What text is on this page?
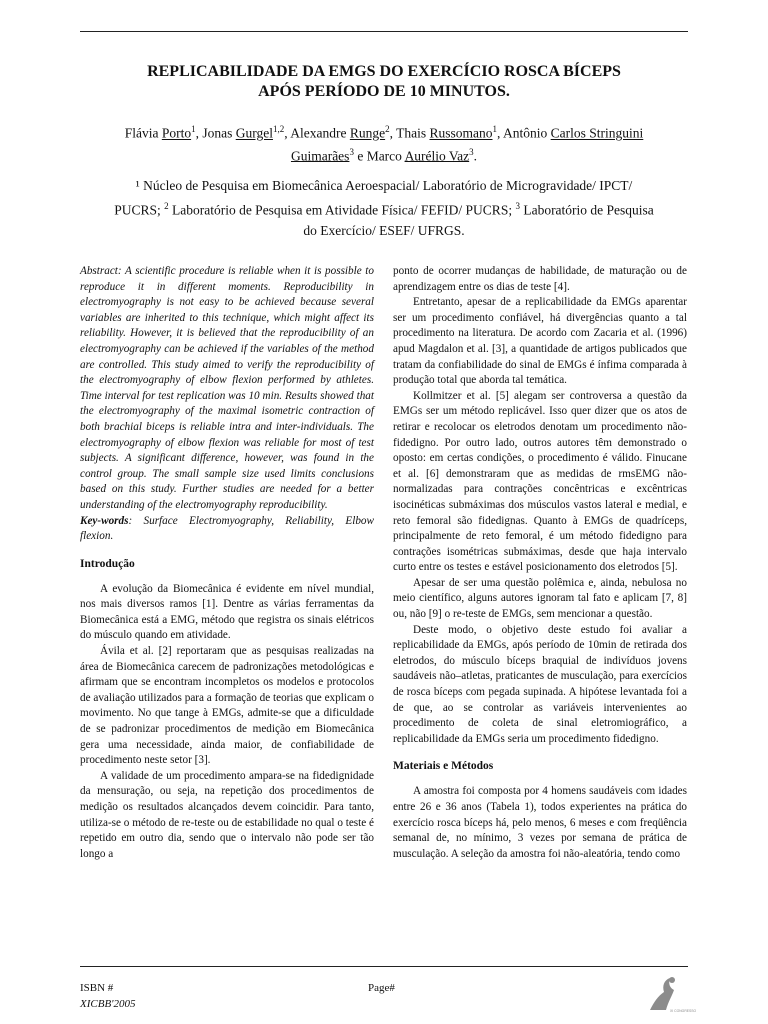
REPLICABILIDADE DA EMGS DO EXERCÍCIO ROSCA BÍCEPS
APÓS PERÍODO DE 10 MINUTOS.
Flávia Porto$^1$, Jonas Gurgel$^{1,2}$, Alexandre Runge$^2$, Thais Russomano$^1$, Antônio Carlos Stringuini
Guimarães$^3$ e Marco Aurélio Vaz$^3$.
¹ Núcleo de Pesquisa em Biomecânica Aeroespacial/ Laboratório de Microgravidade/ IPCT/
PUCRS; $^2$ Laboratório de Pesquisa em Atividade Física/ FEFID/ PUCRS; $^3$ Laboratório de Pesquisa
do Exercício/ ESEF/ UFRGS.

Abstract: A scientific procedure is reliable when it is possible to reproduce it in different moments. Reproducibility in electromyography is not easy to be achieved because several variables are inherited to this technique, which might affect its reliability. However, it is believed that the reproducibility of an electromyography can be achieved if the variables of the method are controlled. This study aimed to verify the reproducibility of the electromyography of elbow flexion performed by athletes. Time interval for test replication was 10 min. Results showed that the electromyography of the maximal isometric contraction of both brachial biceps is reliable intra and inter-individuals. The electromyography of elbow flexion was reliable for most of test subjects. A significant difference, however, was found in the control group. The small sample size used limits conclusions based on this study. Further studies are needed for a better understanding of the electromyography reproducibility.

Key-words: Surface Electromyography, Reliability, Elbow flexion.

Introdução

A evolução da Biomecânica é evidente em nível mundial, nos mais diversos ramos [1]. Dentre as várias ferramentas da Biomecânica está a EMG, método que registra os sinais elétricos do músculo quando em atividade.

Ávila et al. [2] reportaram que as pesquisas realizadas na área de Biomecânica carecem de padronizações metodológicas e afirmam que se encontram incompletos os modelos e protocolos de avaliação utilizados para a formação de teorias que explicam o movimento. No que tange à EMGs, admite-se que a dificuldade de se padronizar procedimentos de medição em Biomecânica gera uma necessidade, ainda maior, de confiabilidade de procedimento neste setor [3].

A validade de um procedimento ampara-se na fidedignidade da mensuração, ou seja, na repetição dos procedimentos de medição os resultados alcançados devem coincidir. Para tanto, utiliza-se o método de re-teste ou de estabilidade no qual o teste é repetido em outro dia, sendo que o intervalo não pode ser tão longo a

ponto de ocorrer mudanças de habilidade, de maturação ou de aprendizagem entre os dias de teste [4].

Entretanto, apesar de a replicabilidade da EMGs aparentar ser um procedimento confiável, há divergências quanto a tal procedimento na literatura. De acordo com Zacaria et al. (1996) apud Magdalon et al. [3], a quantidade de artigos publicados que tratam da confiabilidade do sinal de EMGs é ínfima comparada à produção total que aborda tal temática.

Kollmitzer et al. [5] alegam ser controversa a questão da EMGs ser um método replicável. Isso quer dizer que os atos de retirar e recolocar os eletrodos denotam um procedimento não-fidedigno. Por outro lado, outros autores têm demonstrado o oposto: em certas condições, o procedimento é válido. Finucane et al. [6] demonstraram que as medidas de rmsEMG não-normalizadas para contrações concêntricas e excêntricas isocinéticas submáximas dos músculos vastos lateral e medial, e reto femoral são fidedignas. Quanto à EMGs de quadríceps, principalmente de reto femoral, é um método fidedigno para contrações isométricas submáximas, desde que haja intervalo curto entre os testes e estável posicionamento dos eletrodos [5].

Apesar de ser uma questão polêmica e, ainda, nebulosa no meio científico, alguns autores ignoram tal fato e aplicam [7, 8] ou, não [9] o re-teste de EMGs, sem mencionar a questão.

Deste modo, o objetivo deste estudo foi avaliar a replicabilidade da EMGs, após período de 10min de retirada dos eletrodos, do músculo bíceps braquial de indivíduos jovens saudáveis não–atletas, praticantes de musculação, para exercícios de rosca bíceps com pegada supinada. A hipótese levantada foi a de que, ao se controlar as variáveis intervenientes ao procedimento de coleta de sinal eletromiográfico, a replicabilidade da EMGs seria um procedimento fidedigno.

Materiais e Métodos

A amostra foi composta por 4 homens saudáveis com idades entre 26 e 36 anos (Tabela 1), todos experientes na prática do exercício rosca bíceps há, pelo menos, 6 meses e com freqüência semanal de, no mínimo, 3 vezes por semana de prática de musculação. A seleção da amostra foi não-aleatória, tendo como

ISBN #
XICBB'2005
Page#
XI CONGRESSO
